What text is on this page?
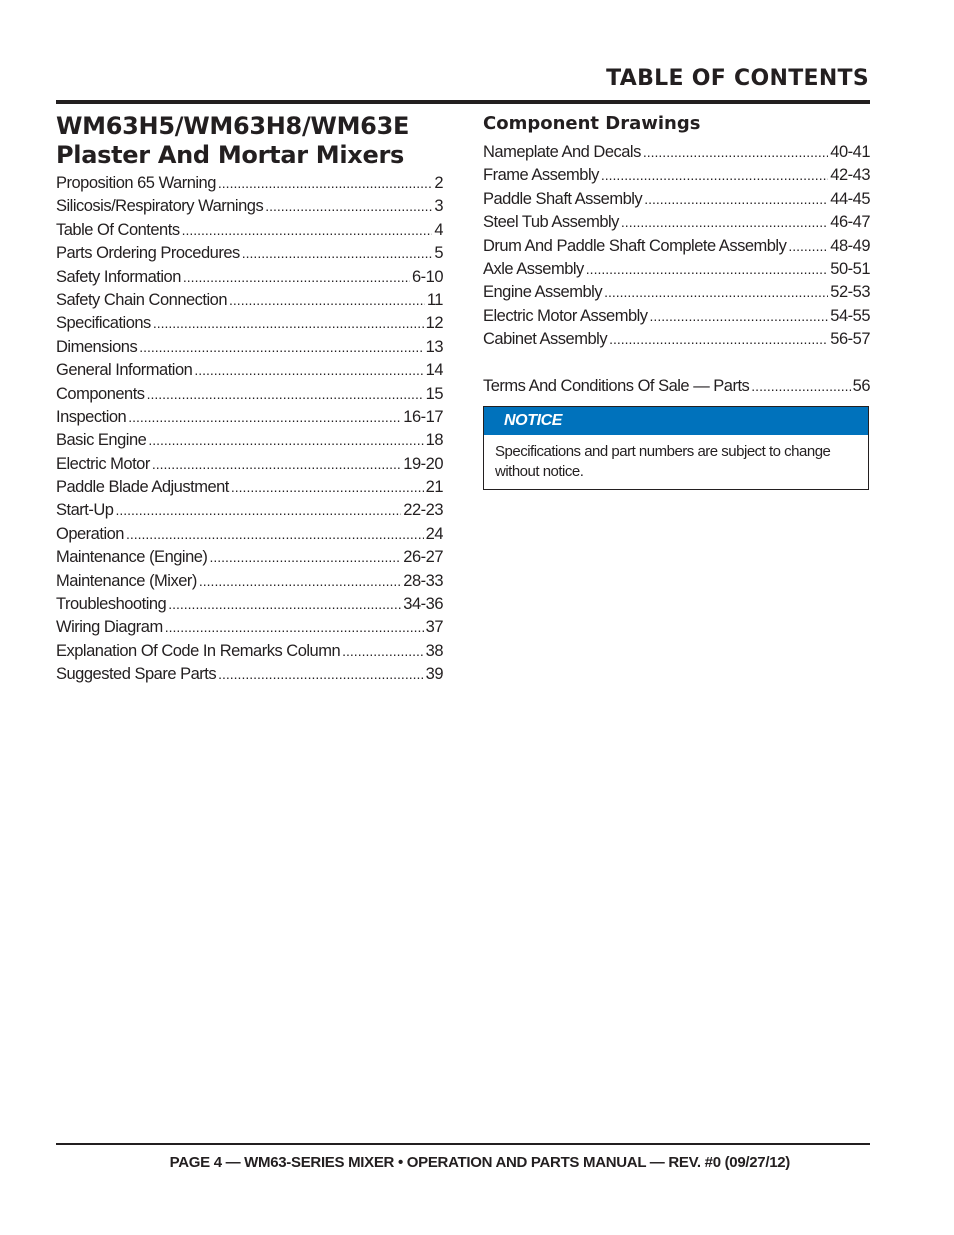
TABLE OF CONTENTS
WM63H5/WM63H8/WM63E
Plaster And Mortar Mixers
Proposition 65 Warning .....	2
Silicosis/Respiratory Warnings .....	3
Table Of Contents .....	4
Parts Ordering Procedures .....	5
Safety Information .....	6-10
Safety Chain Connection .....	11
Specifications .....	12
Dimensions .....	13
General Information .....	14
Components .....	15
Inspection .....	16-17
Basic Engine .....	18
Electric Motor .....	19-20
Paddle Blade Adjustment .....	21
Start-Up .....	22-23
Operation .....	24
Maintenance (Engine) .....	26-27
Maintenance (Mixer) .....	28-33
Troubleshooting .....	34-36
Wiring Diagram .....	37
Explanation Of Code In Remarks Column .....	38
Suggested Spare Parts .....	39
Component Drawings
Nameplate And Decals .....	40-41
Frame Assembly .....	42-43
Paddle Shaft Assembly .....	44-45
Steel Tub Assembly .....	46-47
Drum And Paddle Shaft Complete Assembly .....	48-49
Axle Assembly .....	50-51
Engine Assembly .....	52-53
Electric Motor Assembly .....	54-55
Cabinet Assembly .....	56-57
Terms And Conditions Of Sale — Parts .....	56
NOTICE
Specifications and part numbers are subject to change without notice.
PAGE 4 — WM63-SERIES MIXER • OPERATION AND PARTS MANUAL — REV. #0 (09/27/12)
